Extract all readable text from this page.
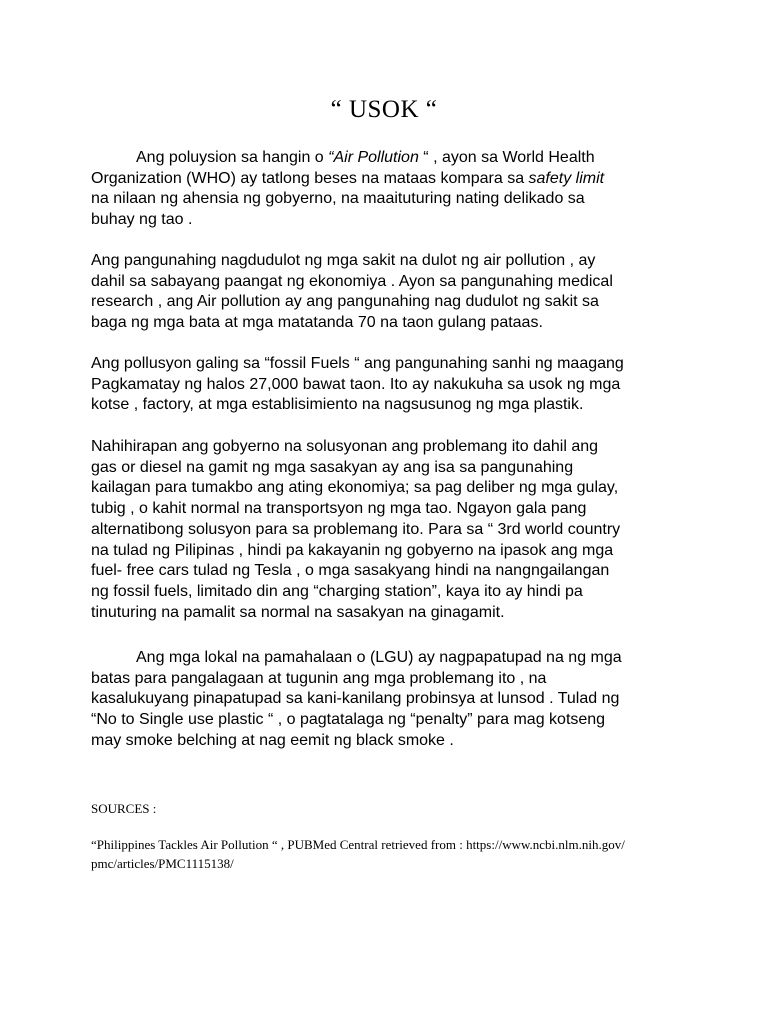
“ USOK “

Ang poluysion sa hangin o “Air Pollution “ , ayon sa World Health
Organization (WHO) ay tatlong beses na mataas kompara sa safety limit
na nilaan ng ahensia ng gobyerno, na maaituturing nating delikado sa
buhay ng tao .

Ang pangunahing nagdudulot ng mga sakit na dulot ng air pollution , ay
dahil sa sabayang paangat ng ekonomiya . Ayon sa pangunahing medical
research , ang Air pollution ay ang pangunahing nag dudulot ng sakit sa
baga ng mga bata at mga matatanda 70 na taon gulang pataas.

Ang pollusyon galing sa “fossil Fuels “ ang pangunahing sanhi ng maagang
Pagkamatay ng halos 27,000 bawat taon. Ito ay nakukuha sa usok ng mga
kotse , factory, at mga establisimiento na nagsusunog ng mga plastik.

Nahihirapan ang gobyerno na solusyonan ang problemang ito dahil ang
gas or diesel na gamit ng mga sasakyan ay ang isa sa pangunahing
kailagan para tumakbo ang ating ekonomiya; sa pag deliber ng mga gulay,
tubig , o kahit normal na transportsyon ng mga tao. Ngayon gala pang
alternatibong solusyon para sa problemang ito. Para sa “ 3rd world country
na tulad ng Pilipinas , hindi pa kakayanin ng gobyerno na ipasok ang mga
fuel- free cars tulad ng Tesla , o mga sasakyang hindi na nangngailangan
ng fossil fuels, limitado din ang “charging station”, kaya ito ay hindi pa
tinuturing na pamalit sa normal na sasakyan na ginagamit.

Ang mga lokal na pamahalaan o (LGU) ay nagpapatupad na ng mga
batas para pangalagaan at tugunin ang mga problemang ito , na
kasalukuyang pinapatupad sa kani-kanilang probinsya at lunsod . Tulad ng
“No to Single use plastic “ , o pagtatalaga ng “penalty” para mag kotseng
may smoke belching at nag eemit ng black smoke .

SOURCES :

“Philippines Tackles Air Pollution “ , PUBMed Central retrieved from : https://www.ncbi.nlm.nih.gov/
pmc/articles/PMC1115138/
